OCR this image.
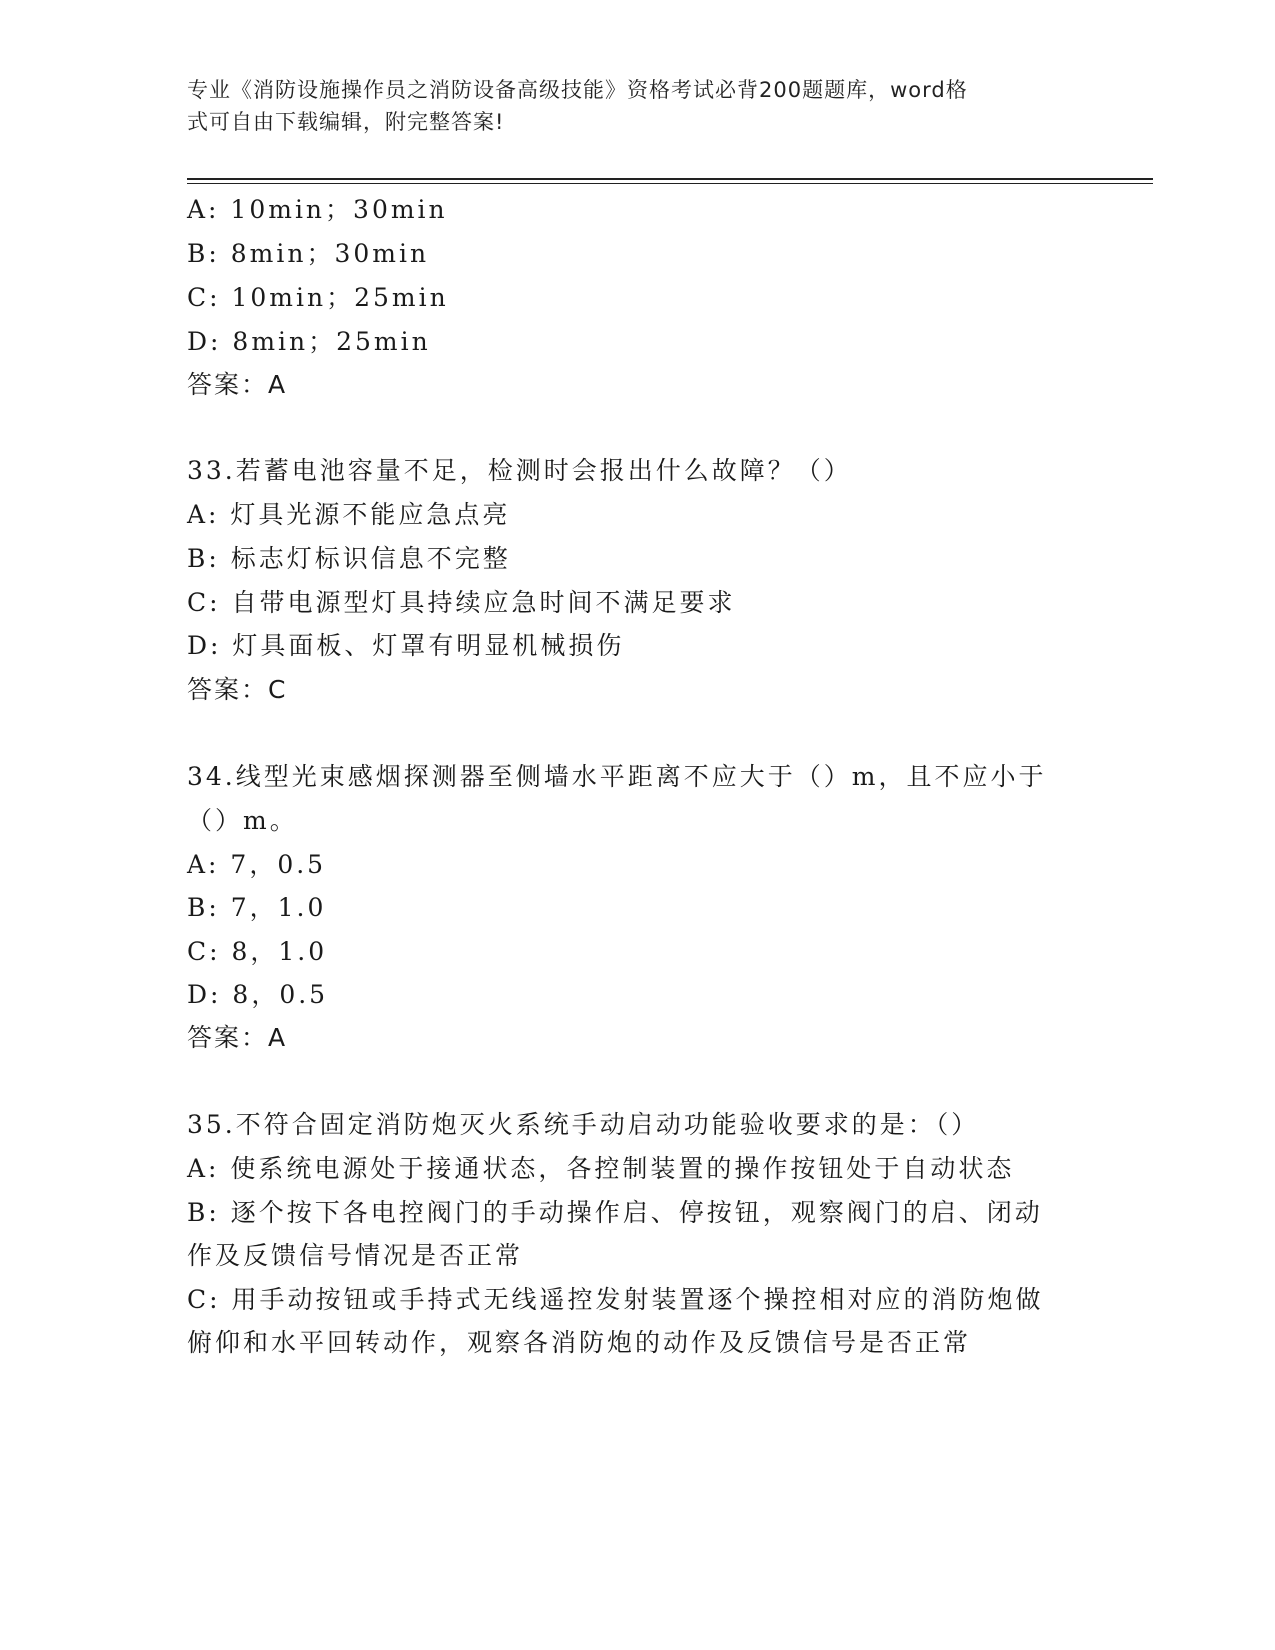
专业《消防设施操作员之消防设备高级技能》资格考试必背200题题库，word格
式可自由下载编辑，附完整答案!
A: 10min；30min
B: 8min；30min
C: 10min；25min
D: 8min；25min
答案：A
33.若蓄电池容量不足，检测时会报出什么故障？（）
A: 灯具光源不能应急点亮
B: 标志灯标识信息不完整
C: 自带电源型灯具持续应急时间不满足要求
D: 灯具面板、灯罩有明显机械损伤
答案：C
34.线型光束感烟探测器至侧墙水平距离不应大于（）m，且不应小于
（）m。
A: 7，0.5
B: 7，1.0
C: 8，1.0
D: 8，0.5
答案：A
35.不符合固定消防炮灭火系统手动启动功能验收要求的是：（）
A: 使系统电源处于接通状态，各控制装置的操作按钮处于自动状态
B: 逐个按下各电控阀门的手动操作启、停按钮，观察阀门的启、闭动
作及反馈信号情况是否正常
C: 用手动按钮或手持式无线遥控发射装置逐个操控相对应的消防炮做
俯仰和水平回转动作，观察各消防炮的动作及反馈信号是否正常
